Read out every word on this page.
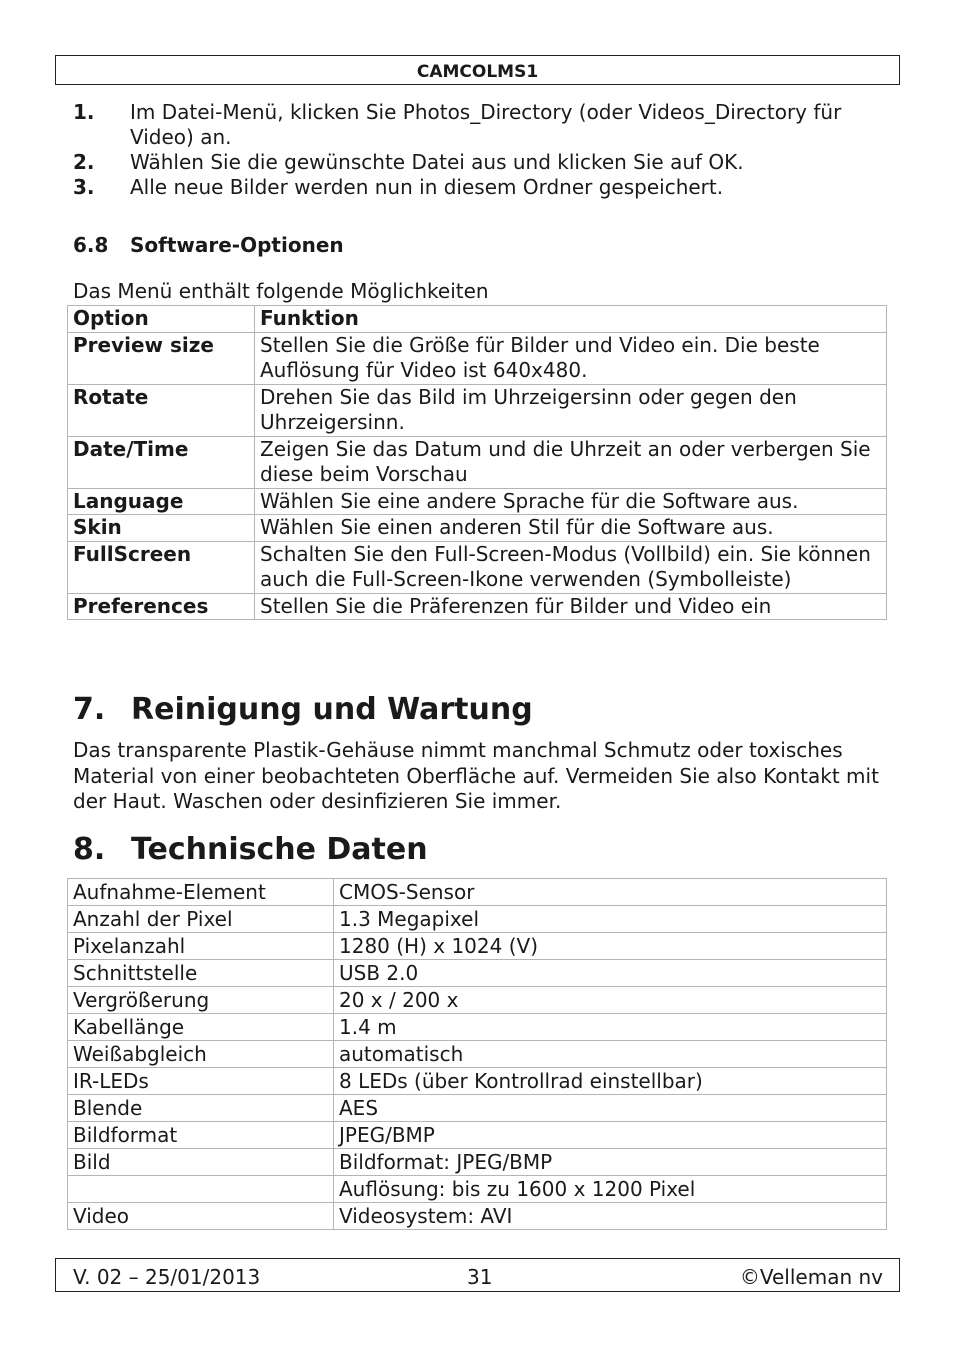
CAMCOLMS1
1.	Im Datei-Menü, klicken Sie Photos_Directory (oder Videos_Directory für Video) an.
2.	Wählen Sie die gewünschte Datei aus und klicken Sie auf OK.
3.	Alle neue Bilder werden nun in diesem Ordner gespeichert.
6.8 Software-Optionen
Das Menü enthält folgende Möglichkeiten
Option	Funktion
Preview size	Stellen Sie die Größe für Bilder und Video ein. Die beste Auflösung für Video ist 640x480.
Rotate	Drehen Sie das Bild im Uhrzeigersinn oder gegen den Uhrzeigersinn.
Date/Time	Zeigen Sie das Datum und die Uhrzeit an oder verbergen Sie diese beim Vorschau
Language	Wählen Sie eine andere Sprache für die Software aus.
Skin	Wählen Sie einen anderen Stil für die Software aus.
FullScreen	Schalten Sie den Full-Screen-Modus (Vollbild) ein. Sie können auch die Full-Screen-Ikone verwenden (Symbolleiste)
Preferences	Stellen Sie die Präferenzen für Bilder und Video ein
7. Reinigung und Wartung
Das transparente Plastik-Gehäuse nimmt manchmal Schmutz oder toxisches Material von einer beobachteten Oberfläche auf. Vermeiden Sie also Kontakt mit der Haut. Waschen oder desinfizieren Sie immer.
8. Technische Daten
Aufnahme-Element	CMOS-Sensor
Anzahl der Pixel	1.3 Megapixel
Pixelanzahl	1280 (H) x 1024 (V)
Schnittstelle	USB 2.0
Vergrößerung	20 x / 200 x
Kabellänge	1.4 m
Weißabgleich	automatisch
IR-LEDs	8 LEDs (über Kontrollrad einstellbar)
Blende	AES
Bildformat	JPEG/BMP
Bild	Bildformat: JPEG/BMP
	Auflösung: bis zu 1600 x 1200 Pixel
Video	Videosystem: AVI
V. 02 – 25/01/2013	31	©Velleman nv
